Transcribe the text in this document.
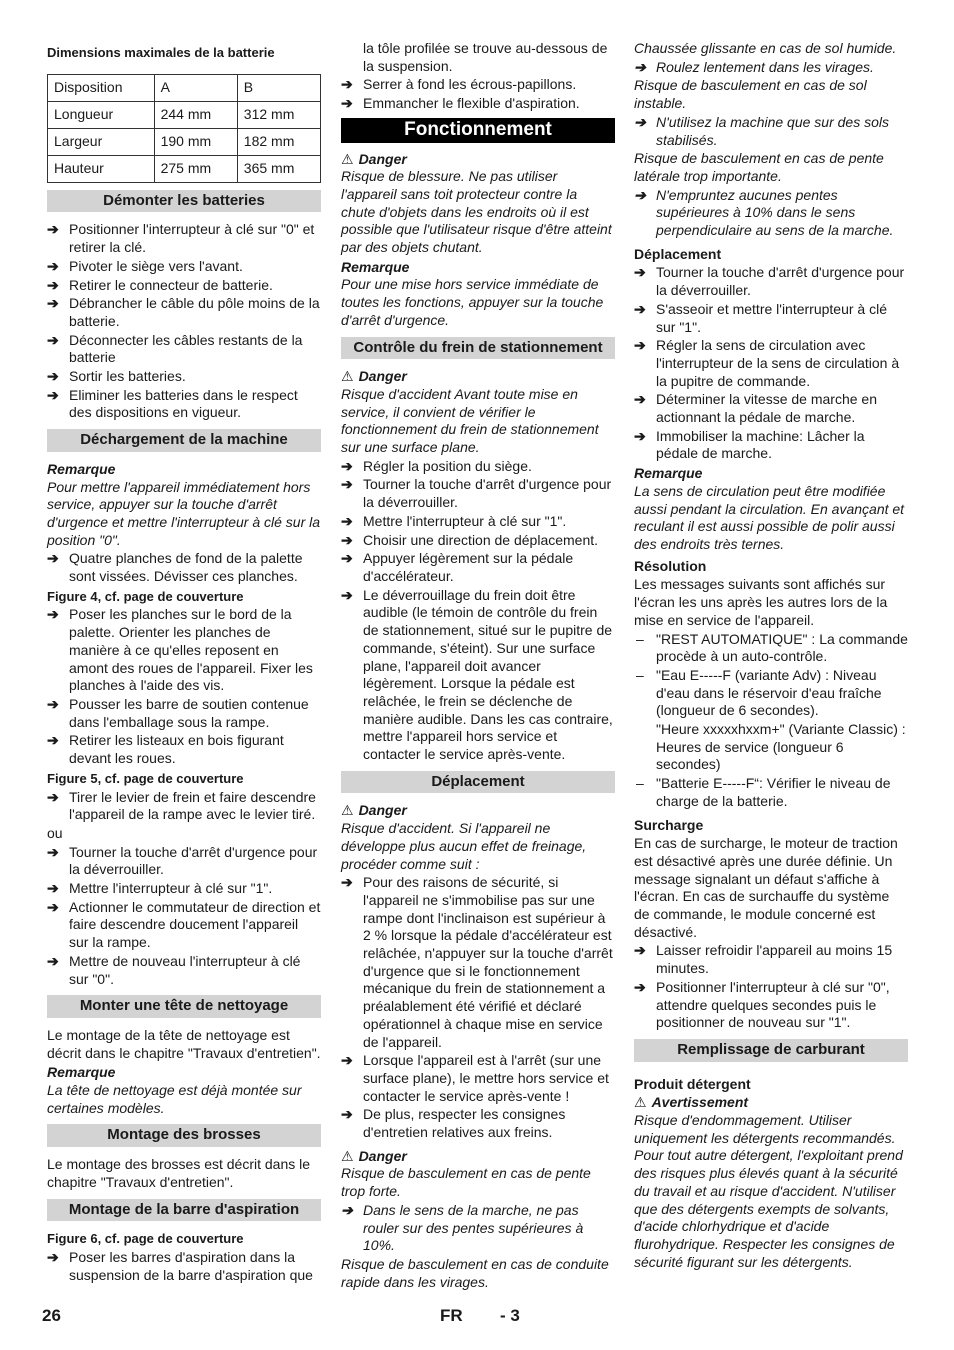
Dimensions maximales de la batterie
Disposition	A	B
Longueur	244 mm	312 mm
Largeur	190 mm	182 mm
Hauteur	275 mm	365 mm
Démonter les batteries
➔ Positionner l'interrupteur à clé sur "0" et retirer la clé.
➔ Pivoter le siège vers l'avant.
➔ Retirer le connecteur de batterie.
➔ Débrancher le câble du pôle moins de la batterie.
➔ Déconnecter les câbles restants de la batterie
➔ Sortir les batteries.
➔ Eliminer les batteries dans le respect des dispositions en vigueur.
Déchargement de la machine
Remarque
Pour mettre l'appareil immédiatement hors service, appuyer sur la touche d'arrêt d'urgence et mettre l'interrupteur à clé sur la position "0".
➔ Quatre planches de fond de la palette sont vissées. Dévisser ces planches.
Figure 4, cf. page de couverture
➔ Poser les planches sur le bord de la palette. Orienter les planches de manière à ce qu'elles reposent en amont des roues de l'appareil. Fixer les planches à l'aide des vis.
➔ Pousser les barre de soutien contenue dans l'emballage sous la rampe.
➔ Retirer les listeaux en bois figurant devant les roues.
Figure 5, cf. page de couverture
➔ Tirer le levier de frein et faire descendre l'appareil de la rampe avec le levier tiré.
ou
➔ Tourner la touche d'arrêt d'urgence pour la déverrouiller.
➔ Mettre l'interrupteur à clé sur "1".
➔ Actionner le commutateur de direction et faire descendre doucement l'appareil sur la rampe.
➔ Mettre de nouveau l'interrupteur à clé sur "0".
Monter une tête de nettoyage
Le montage de la tête de nettoyage est décrit dans le chapitre "Travaux d'entretien".
Remarque
La tête de nettoyage est déjà montée sur certaines modèles.
Montage des brosses
Le montage des brosses est décrit dans le chapitre "Travaux d'entretien".
Montage de la barre d'aspiration
Figure 6, cf. page de couverture
➔ Poser les barres d'aspiration dans la suspension de la barre d'aspiration que
la tôle profilée se trouve au-dessous de la suspension.
➔ Serrer à fond les écrous-papillons.
➔ Emmancher le flexible d'aspiration.
Fonctionnement
⚠ Danger
Risque de blessure. Ne pas utiliser l'appareil sans toit protecteur contre la chute d'objets dans les endroits où il est possible que l'utilisateur risque d'être atteint par des objets chutant.
Remarque
Pour une mise hors service immédiate de toutes les fonctions, appuyer sur la touche d'arrêt d'urgence.
Contrôle du frein de stationnement
⚠ Danger
Risque d'accident Avant toute mise en service, il convient de vérifier le fonctionnement du frein de stationnement sur une surface plane.
➔ Régler la position du siège.
➔ Tourner la touche d'arrêt d'urgence pour la déverrouiller.
➔ Mettre l'interrupteur à clé sur "1".
➔ Choisir une direction de déplacement.
➔ Appuyer légèrement sur la pédale d'accélérateur.
➔ Le déverrouillage du frein doit être audible (le témoin de contrôle du frein de stationnement, situé sur le pupitre de commande, s'éteint). Sur une surface plane, l'appareil doit avancer légèrement. Lorsque la pédale est relâchée, le frein se déclenche de manière audible. Dans les cas contraire, mettre l'appareil hors service et contacter le service après-vente.
Déplacement
⚠ Danger
Risque d'accident. Si l'appareil ne développe plus aucun effet de freinage, procéder comme suit :
➔ Pour des raisons de sécurité, si l'appareil ne s'immobilise pas sur une rampe dont l'inclinaison est supérieur à 2 % lorsque la pédale d'accélérateur est relâchée, n'appuyer sur la touche d'arrêt d'urgence que si le fonctionnement mécanique du frein de stationnement a préalablement été vérifié et déclaré opérationnel à chaque mise en service de l'appareil.
➔ Lorsque l'appareil est à l'arrêt (sur une surface plane), le mettre hors service et contacter le service après-vente !
➔ De plus, respecter les consignes d'entretien relatives aux freins.
⚠ Danger
Risque de basculement en cas de pente trop forte.
➔ Dans le sens de la marche, ne pas rouler sur des pentes supérieures à 10%.
Risque de basculement en cas de conduite rapide dans les virages.
Chaussée glissante en cas de sol humide.
➔ Roulez lentement dans les virages.
Risque de basculement en cas de sol instable.
➔ N'utilisez la machine que sur des sols stabilisés.
Risque de basculement en cas de pente latérale trop importante.
➔ N'empruntez aucunes pentes supérieures à 10% dans le sens perpendiculaire au sens de la marche.
Déplacement
➔ Tourner la touche d'arrêt d'urgence pour la déverrouiller.
➔ S'asseoir et mettre l'interrupteur à clé sur "1".
➔ Régler la sens de circulation avec l'interrupteur de la sens de circulation à la pupitre de commande.
➔ Déterminer la vitesse de marche en actionnant la pédale de marche.
➔ Immobiliser la machine: Lâcher la pédale de marche.
Remarque
La sens de circulation peut être modifiée aussi pendant la circulation. En avançant et reculant il est aussi possible de polir aussi des endroits très ternes.
Résolution
Les messages suivants sont affichés sur l'écran les uns après les autres lors de la mise en service de l'appareil.
– "REST AUTOMATIQUE" : La commande procède à un auto-contrôle.
– "Eau E-----F (variante Adv) : Niveau d'eau dans le réservoir d'eau fraîche (longueur de 6 secondes).
"Heure xxxxxhxxm+" (Variante Classic) : Heures de service (longueur 6 secondes)
– "Batterie E-----F“: Vérifier le niveau de charge de la batterie.
Surcharge
En cas de surcharge, le moteur de traction est désactivé après une durée définie. Un message signalant un défaut s'affiche à l'écran. En cas de surchauffe du système de commande, le module concerné est désactivé.
➔ Laisser refroidir l'appareil au moins 15 minutes.
➔ Positionner l'interrupteur à clé sur "0", attendre quelques secondes puis le positionner de nouveau sur "1".
Remplissage de carburant
Produit détergent
⚠ Avertissement
Risque d'endommagement. Utiliser uniquement les détergents recommandés. Pour tout autre détergent, l'exploitant prend des risques plus élevés quant à la sécurité du travail et au risque d'accident. N'utiliser que des détergents exempts de solvants, d'acide chlorhydrique et d'acide flurohydrique. Respecter les consignes de sécurité figurant sur les détergents.
26	FR - 3
